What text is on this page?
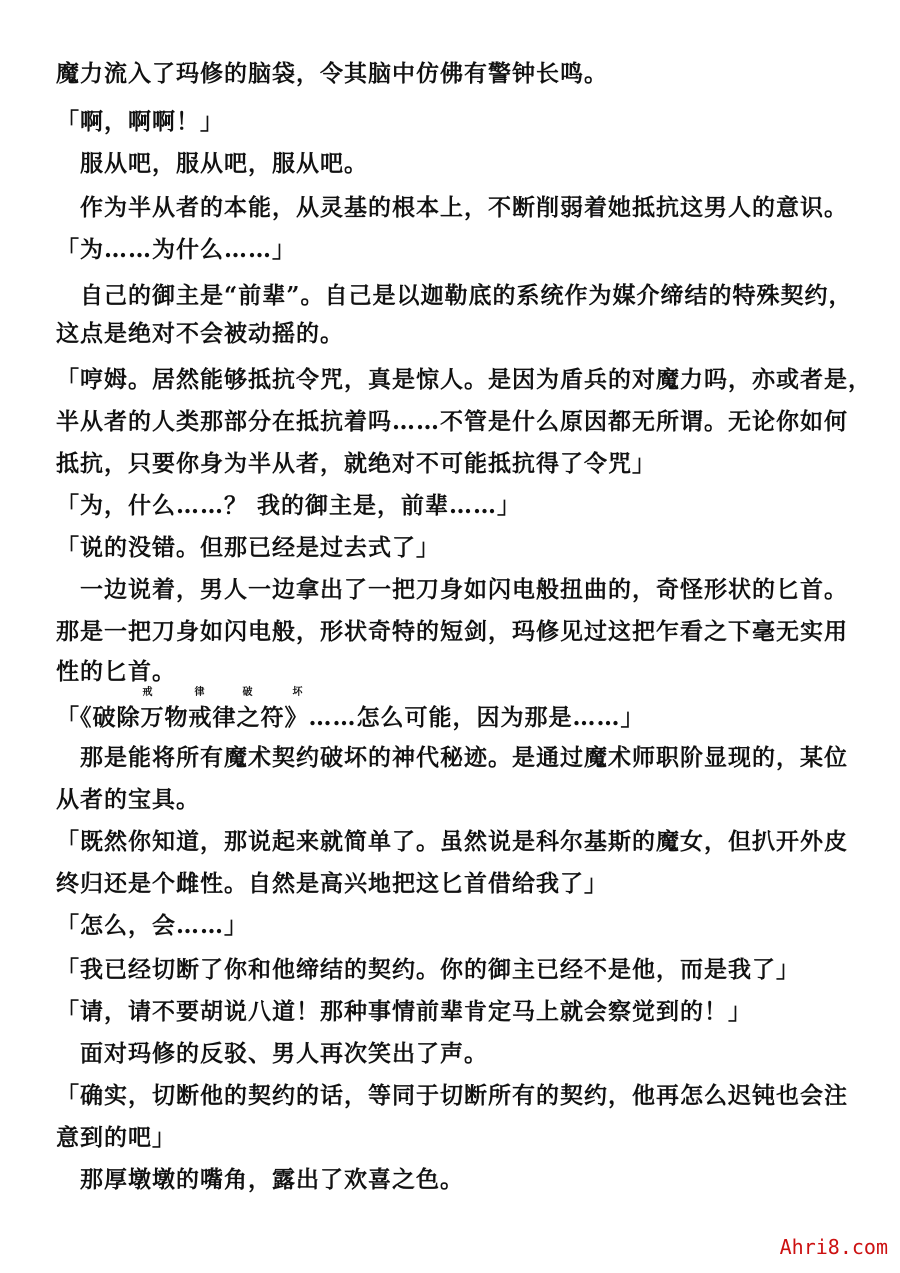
魔力流入了玛修的脑袋，令其脑中仿佛有警钟长鸣。
「啊，啊啊！」
　服从吧，服从吧，服从吧。
　作为半从者的本能，从灵基的根本上，不断削弱着她抵抗这男人的意识。
「为……为什么……」
　自己的御主是“前辈”。自己是以迦勒底的系统作为媒介缔结的特殊契约，
这点是绝对不会被动摇的。
「哼姆。居然能够抵抗令咒，真是惊人。是因为盾兵的对魔力吗，亦或者是，
半从者的人类那部分在抵抗着吗……不管是什么原因都无所谓。无论你如何
抵抗，只要你身为半从者，就绝对不可能抵抗得了令咒」
「为，什么……？ 我的御主是，前辈……」
「说的没错。但那已经是过去式了」
　一边说着，男人一边拿出了一把刀身如闪电般扭曲的，奇怪形状的匕首。
那是一把刀身如闪电般，形状奇特的短剑，玛修见过这把乍看之下毫无实用
性的匕首。
「《破除万物
戒	律	破	坏
戒律之符》……怎么可能，因为那是……」
　那是能将所有魔术契约破坏的神代秘迹。是通过魔术师职阶显现的，某位
从者的宝具。
「既然你知道，那说起来就简单了。虽然说是科尔基斯的魔女，但扒开外皮
终归还是个雌性。自然是高兴地把这匕首借给我了」
「怎么，会……」
「我已经切断了你和他缔结的契约。你的御主已经不是他，而是我了」
「请，请不要胡说八道！那种事情前辈肯定马上就会察觉到的！」
　面对玛修的反驳、男人再次笑出了声。
「确实，切断他的契约的话，等同于切断所有的契约，他再怎么迟钝也会注
意到的吧」
　那厚墩墩的嘴角，露出了欢喜之色。
Ahri8.com
